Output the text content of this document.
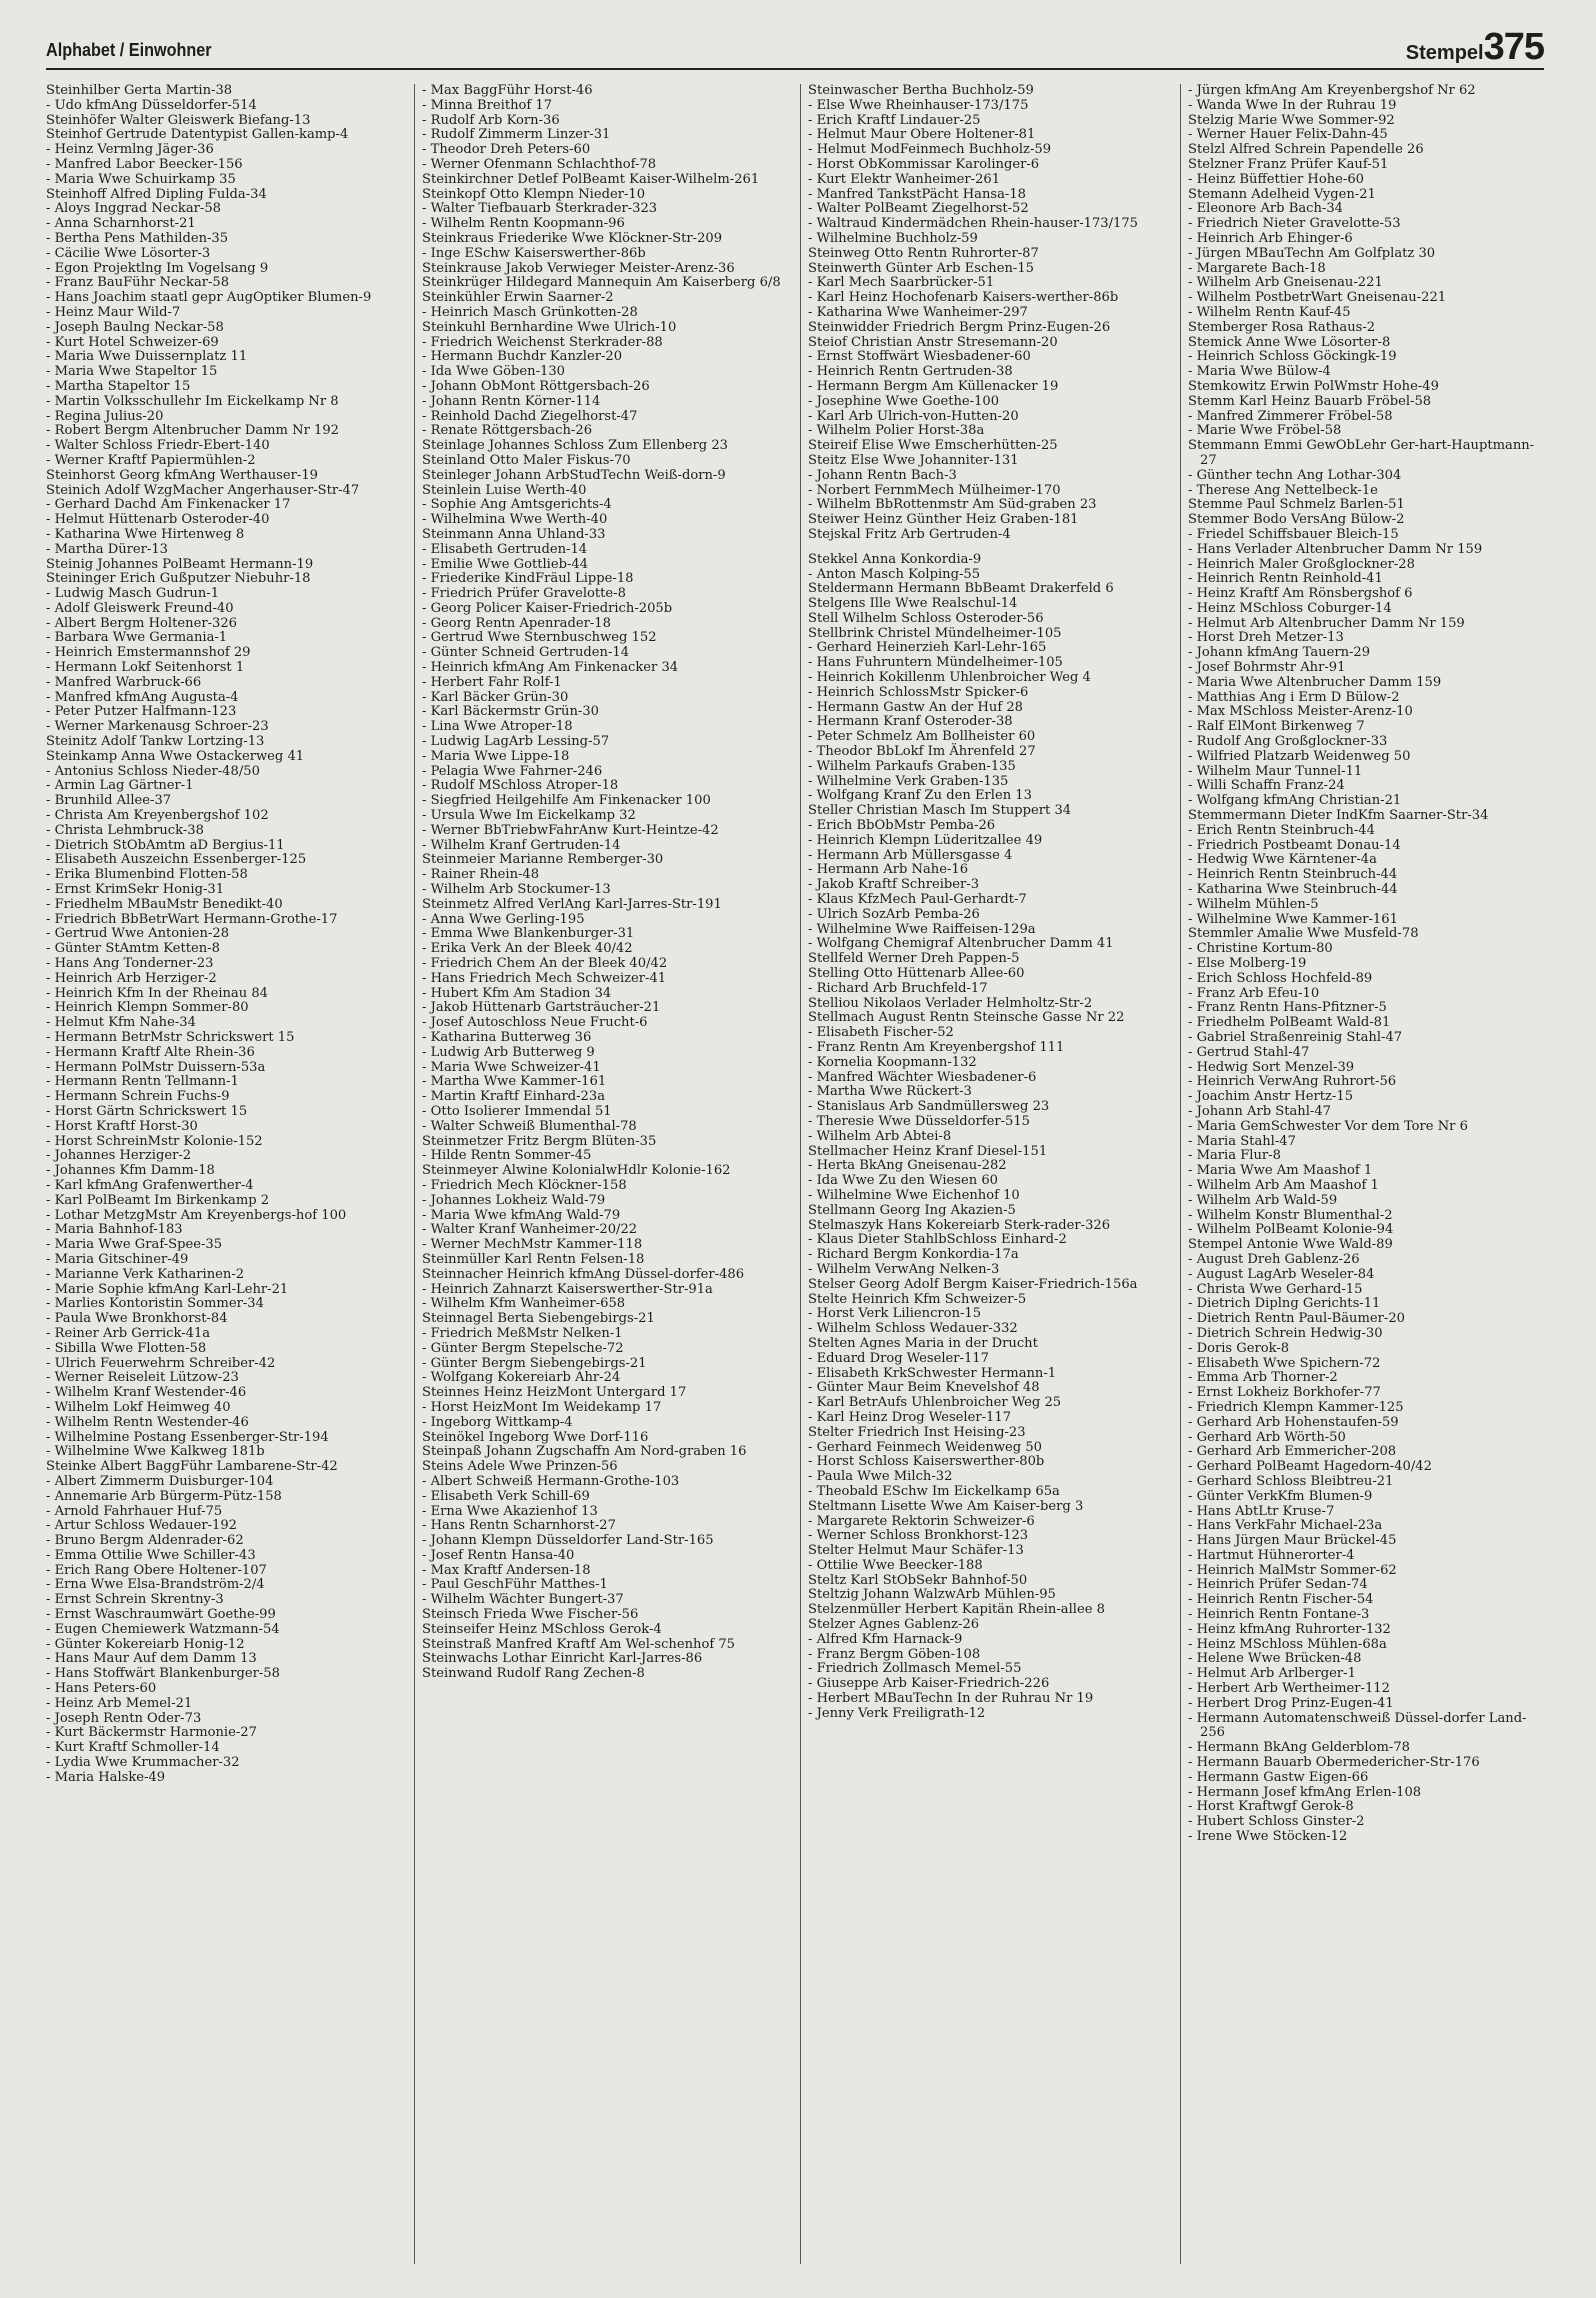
Alphabet / Einwohner	Stempel375
Steinhilber Gerta Martin-38
- Udo kfmAng Düsseldorfer-514
Steinhöfer Walter Gleiswerk Biefang-13
Steinhof Gertrude Datentypist Gallen-kamp-4
- Heinz Vermlng Jäger-36
- Manfred Labor Beecker-156
- Maria Wwe Schuirkamp 35
Steinhoff Alfred Dipling Fulda-34
- Aloys Inggrad Neckar-58
- Anna Scharnhorst-21
- Bertha Pens Mathilden-35
- Cäcilie Wwe Lösorter-3
- Egon Projektlng Im Vogelsang 9
- Franz BauFühr Neckar-58
- Hans Joachim staatl gepr AugOptiker Blumen-9
- Heinz Maur Wild-7
- Joseph Baulng Neckar-58
- Kurt Hotel Schweizer-69
- Maria Wwe Duissernplatz 11
- Maria Wwe Stapeltor 15
- Martha Stapeltor 15
- Martin Volksschullehr Im Eickelkamp Nr 8
- Regina Julius-20
- Robert Bergm Altenbrucher Damm Nr 192
- Walter Schloss Friedr-Ebert-140
- Werner Kraftf Papiermühlen-2
Steinhorst Georg kfmAng Werthauser-19
Steinich Adolf WzgMacher Angerhauser-Str-47
- Gerhard Dachd Am Finkenacker 17
- Helmut Hüttenarb Osteroder-40
- Katharina Wwe Hirtenweg 8
- Martha Dürer-13
Steinig Johannes PolBeamt Hermann-19
Steininger Erich Gußputzer Niebuhr-18
- Ludwig Masch Gudrun-1
- Adolf Gleiswerk Freund-40
- Albert Bergm Holtener-326
- Barbara Wwe Germania-1
- Heinrich Emstermannshof 29
- Hermann Lokf Seitenhorst 1
- Manfred Warbruck-66
- Manfred kfmAng Augusta-4
- Peter Putzer Halfmann-123
- Werner Markenausg Schroer-23
Steinitz Adolf Tankw Lortzing-13
Steinkamp Anna Wwe Ostackerweg 41
- Antonius Schloss Nieder-48/50
- Armin Lag Gärtner-1
- Brunhild Allee-37
- Christa Am Kreyenbergshof 102
- Christa Lehmbruck-38
- Dietrich StObAmtm aD Bergius-11
- Elisabeth Auszeichn Essenberger-125
- Erika Blumenbind Flotten-58
- Ernst KrimSekr Honig-31
- Friedhelm MBauMstr Benedikt-40
- Friedrich BbBetrWart Hermann-Grothe-17
- Gertrud Wwe Antonien-28
- Günter StAmtm Ketten-8
- Hans Ang Tonderner-23
- Heinrich Arb Herziger-2
- Heinrich Kfm In der Rheinau 84
- Heinrich Klempn Sommer-80
- Helmut Kfm Nahe-34
- Hermann BetrMstr Schrickswert 15
- Hermann Kraftf Alte Rhein-36
- Hermann PolMstr Duissern-53a
- Hermann Rentn Tellmann-1
- Hermann Schrein Fuchs-9
- Horst Gärtn Schrickswert 15
- Horst Kraftf Horst-30
- Horst SchreinMstr Kolonie-152
- Johannes Herziger-2
- Johannes Kfm Damm-18
- Karl kfmAng Grafenwerther-4
- Karl PolBeamt Im Birkenkamp 2
- Lothar MetzgMstr Am Kreyenbergs-hof 100
- Maria Bahnhof-183
- Maria Wwe Graf-Spee-35
- Maria Gitschiner-49
- Marianne Verk Katharinen-2
- Marie Sophie kfmAng Karl-Lehr-21
- Marlies Kontoristin Sommer-34
- Paula Wwe Bronkhorst-84
- Reiner Arb Gerrick-41a
- Sibilla Wwe Flotten-58
- Ulrich Feuerwehrm Schreiber-42
- Werner Reiseleit Lützow-23
- Wilhelm Kranf Westender-46
- Wilhelm Lokf Heimweg 40
- Wilhelm Rentn Westender-46
- Wilhelmine Postang Essenberger-Str-194
- Wilhelmine Wwe Kalkweg 181b
Steinke Albert BaggFühr Lambarene-Str-42
- Albert Zimmerm Duisburger-104
- Annemarie Arb Bürgerm-Pütz-158
- Arnold Fahrhauer Huf-75
- Artur Schloss Wedauer-192
- Bruno Bergm Aldenrader-62
- Emma Ottilie Wwe Schiller-43
- Erich Rang Obere Holtener-107
- Erna Wwe Elsa-Brandström-2/4
- Ernst Schrein Skrentny-3
- Ernst Waschraumwärt Goethe-99
- Eugen Chemiewerk Watzmann-54
- Günter Kokereiarb Honig-12
- Hans Maur Auf dem Damm 13
- Hans Stoffwärt Blankenburger-58
- Hans Peters-60
- Heinz Arb Memel-21
- Joseph Rentn Oder-73
- Kurt Bäckermstr Harmonie-27
- Kurt Kraftf Schmoller-14
- Lydia Wwe Krummacher-32
- Maria Halske-49
- Max BaggFühr Horst-46
- Minna Breithof 17
- Rudolf Arb Korn-36
- Rudolf Zimmerm Linzer-31
- Theodor Dreh Peters-60
- Werner Ofenmann Schlachthof-78
Steinkirchner Detlef PolBeamt Kaiser-Wilhelm-261
Steinkopf Otto Klempn Nieder-10
- Walter Tiefbauarb Sterkrader-323
- Wilhelm Rentn Koopmann-96
Steinkraus Friederike Wwe Klöckner-Str-209
- Inge ESchw Kaiserswerther-86b
Steinkrause Jakob Verwieger Meister-Arenz-36
Steinkrüger Hildegard Mannequin Am Kaiserberg 6/8
Steinkühler Erwin Saarner-2
- Heinrich Masch Grünkotten-28
Steinkuhl Bernhardine Wwe Ulrich-10
- Friedrich Weichenst Sterkrader-88
- Hermann Buchdr Kanzler-20
- Ida Wwe Göben-130
- Johann ObMont Röttgersbach-26
- Johann Rentn Körner-114
- Reinhold Dachd Ziegelhorst-47
- Renate Röttgersbach-26
Steinlage Johannes Schloss Zum Ellenberg 23
Steinland Otto Maler Fiskus-70
Steinleger Johann ArbStudTechn Weiß-dorn-9
Steinlein Luise Werth-40
- Sophie Ang Amtsgerichts-4
- Wilhelmina Wwe Werth-40
Steinmann Anna Uhland-33
- Elisabeth Gertruden-14
- Emilie Wwe Gottlieb-44
- Friederike KindFräul Lippe-18
- Friedrich Prüfer Gravelotte-8
- Georg Policer Kaiser-Friedrich-205b
- Georg Rentn Apenrader-18
- Gertrud Wwe Sternbuschweg 152
- Günter Schneid Gertruden-14
- Heinrich kfmAng Am Finkenacker 34
- Herbert Fahr Rolf-1
- Karl Bäcker Grün-30
- Karl Bäckermstr Grün-30
- Lina Wwe Atroper-18
- Ludwig LagArb Lessing-57
- Maria Wwe Lippe-18
- Pelagia Wwe Fahrner-246
- Rudolf MSchloss Atroper-18
- Siegfried Heilgehilfe Am Finkenacker 100
- Ursula Wwe Im Eickelkamp 32
- Werner BbTriebwFahrAnw Kurt-Heintze-42
- Wilhelm Kranf Gertruden-14
Steinmeier Marianne Remberger-30
- Rainer Rhein-48
- Wilhelm Arb Stockumer-13
Steinmetz Alfred VerlAng Karl-Jarres-Str-191
- Anna Wwe Gerling-195
- Emma Wwe Blankenburger-31
- Erika Verk An der Bleek 40/42
- Friedrich Chem An der Bleek 40/42
- Hans Friedrich Mech Schweizer-41
- Hubert Kfm Am Stadion 34
- Jakob Hüttenarb Gartsträucher-21
- Josef Autoschloss Neue Frucht-6
- Katharina Butterweg 36
- Ludwig Arb Butterweg 9
- Maria Wwe Schweizer-41
- Martha Wwe Kammer-161
- Martin Kraftf Einhard-23a
- Otto Isolierer Immendal 51
- Walter Schweiß Blumenthal-78
Steinmetzer Fritz Bergm Blüten-35
- Hilde Rentn Sommer-45
Steinmeyer Alwine KolonialwHdlr Kolonie-162
- Friedrich Mech Klöckner-158
- Johannes Lokheiz Wald-79
- Maria Wwe kfmAng Wald-79
- Walter Kranf Wanheimer-20/22
- Werner MechMstr Kammer-118
Steinmüller Karl Rentn Felsen-18
Steinnacher Heinrich kfmAng Düssel-dorfer-486
- Heinrich Zahnarzt Kaiserswerther-Str-91a
- Wilhelm Kfm Wanheimer-658
Steinnagel Berta Siebengebirgs-21
- Friedrich MeßMstr Nelken-1
- Günter Bergm Stepelsche-72
- Günter Bergm Siebengebirgs-21
- Wolfgang Kokereiarb Ahr-24
Steinnes Heinz HeizMont Untergard 17
- Horst HeizMont Im Weidekamp 17
- Ingeborg Wittkamp-4
Steinökel Ingeborg Wwe Dorf-116
Steinpaß Johann Zugschaffn Am Nord-graben 16
Steins Adele Wwe Prinzen-56
- Albert Schweiß Hermann-Grothe-103
- Elisabeth Verk Schill-69
- Erna Wwe Akazienhof 13
- Hans Rentn Scharnhorst-27
- Johann Klempn Düsseldorfer Land-Str-165
- Josef Rentn Hansa-40
- Max Kraftf Andersen-18
- Paul GeschFühr Matthes-1
- Wilhelm Wächter Bungert-37
Steinsch Frieda Wwe Fischer-56
Steinseifer Heinz MSchloss Gerok-4
Steinstraß Manfred Kraftf Am Wel-schenhof 75
Steinwachs Lothar Einricht Karl-Jarres-86
Steinwand Rudolf Rang Zechen-8
Steinwascher Bertha Buchholz-59
- Else Wwe Rheinhauser-173/175
- Erich Kraftf Lindauer-25
- Helmut Maur Obere Holtener-81
- Helmut ModFeinmech Buchholz-59
- Horst ObKommissar Karolinger-6
- Kurt Elektr Wanheimer-261
- Manfred TankstPächt Hansa-18
- Walter PolBeamt Ziegelhorst-52
- Waltraud Kindermädchen Rhein-hauser-173/175
- Wilhelmine Buchholz-59
Steinweg Otto Rentn Ruhrorter-87
Steinwerth Günter Arb Eschen-15
- Karl Mech Saarbrücker-51
- Karl Heinz Hochofenarb Kaisers-werther-86b
- Katharina Wwe Wanheimer-297
Steinwidder Friedrich Bergm Prinz-Eugen-26
Steiof Christian Anstr Stresemann-20
- Ernst Stoffwärt Wiesbadener-60
- Heinrich Rentn Gertruden-38
- Hermann Bergm Am Küllenacker 19
- Josephine Wwe Goethe-100
- Karl Arb Ulrich-von-Hutten-20
- Wilhelm Polier Horst-38a
Steireif Elise Wwe Emscherhütten-25
Steitz Else Wwe Johanniter-131
- Johann Rentn Bach-3
- Norbert FernmMech Mülheimer-170
- Wilhelm BbRottenmstr Am Süd-graben 23
Steiwer Heinz Günther Heiz Graben-181
Stejskal Fritz Arb Gertruden-4
Stekkel Anna Konkordia-9
- Anton Masch Kolping-55
Steldermann Hermann BbBeamt Drakerfeld 6
Stelgens Ille Wwe Realschul-14
Stell Wilhelm Schloss Osteroder-56
Stellbrink Christel Mündelheimer-105
- Gerhard Heinerzieh Karl-Lehr-165
- Hans Fuhruntern Mündelheimer-105
- Heinrich Kokillenm Uhlenbroicher Weg 4
- Heinrich SchlossMstr Spicker-6
- Hermann Gastw An der Huf 28
- Hermann Kranf Osteroder-38
- Peter Schmelz Am Bollheister 60
- Theodor BbLokf Im Ährenfeld 27
- Wilhelm Parkaufs Graben-135
- Wilhelmine Verk Graben-135
- Wolfgang Kranf Zu den Erlen 13
Steller Christian Masch Im Stuppert 34
- Erich BbObMstr Pemba-26
- Heinrich Klempn Lüderitzallee 49
- Hermann Arb Müllersgasse 4
- Hermann Arb Nahe-16
- Jakob Kraftf Schreiber-3
- Klaus KfzMech Paul-Gerhardt-7
- Ulrich SozArb Pemba-26
- Wilhelmine Wwe Raiffeisen-129a
- Wolfgang Chemigraf Altenbrucher Damm 41
Stellfeld Werner Dreh Pappen-5
Stelling Otto Hüttenarb Allee-60
- Richard Arb Bruchfeld-17
Stelliou Nikolaos Verlader Helmholtz-Str-2
Stellmach August Rentn Steinsche Gasse Nr 22
- Elisabeth Fischer-52
- Franz Rentn Am Kreyenbergshof 111
- Kornelia Koopmann-132
- Manfred Wächter Wiesbadener-6
- Martha Wwe Rückert-3
- Stanislaus Arb Sandmüllersweg 23
- Theresie Wwe Düsseldorfer-515
- Wilhelm Arb Abtei-8
Stellmacher Heinz Kranf Diesel-151
- Herta BkAng Gneisenau-282
- Ida Wwe Zu den Wiesen 60
- Wilhelmine Wwe Eichenhof 10
Stellmann Georg Ing Akazien-5
Stelmaszyk Hans Kokereiarb Sterk-rader-326
- Klaus Dieter StahlbSchloss Einhard-2
- Richard Bergm Konkordia-17a
- Wilhelm VerwAng Nelken-3
Stelser Georg Adolf Bergm Kaiser-Friedrich-156a
Stelte Heinrich Kfm Schweizer-5
- Horst Verk Liliencron-15
- Wilhelm Schloss Wedauer-332
Stelten Agnes Maria in der Drucht
- Eduard Drog Weseler-117
- Elisabeth KrkSchwester Hermann-1
- Günter Maur Beim Knevelshof 48
- Karl BetrAufs Uhlenbroicher Weg 25
- Karl Heinz Drog Weseler-117
Stelter Friedrich Inst Heising-23
- Gerhard Feinmech Weidenweg 50
- Horst Schloss Kaiserswerther-80b
- Paula Wwe Milch-32
- Theobald ESchw Im Eickelkamp 65a
Steltmann Lisette Wwe Am Kaiser-berg 3
- Margarete Rektorin Schweizer-6
- Werner Schloss Bronkhorst-123
Stelter Helmut Maur Schäfer-13
- Ottilie Wwe Beecker-188
Steltz Karl StObSekr Bahnhof-50
Steltzig Johann WalzwArb Mühlen-95
Stelzenmüller Herbert Kapitän Rhein-allee 8
Stelzer Agnes Gablenz-26
- Alfred Kfm Harnack-9
- Franz Bergm Göben-108
- Friedrich Zollmasch Memel-55
- Giuseppe Arb Kaiser-Friedrich-226
- Herbert MBauTechn In der Ruhrau Nr 19
- Jenny Verk Freiligrath-12
- Jürgen kfmAng Am Kreyenbergshof Nr 62
- Wanda Wwe In der Ruhrau 19
Stelzig Marie Wwe Sommer-92
- Werner Hauer Felix-Dahn-45
Stelzl Alfred Schrein Papendelle 26
Stelzner Franz Prüfer Kauf-51
- Heinz Büffettier Hohe-60
Stemann Adelheid Vygen-21
- Eleonore Arb Bach-34
- Friedrich Nieter Gravelotte-53
- Heinrich Arb Ehinger-6
- Jürgen MBauTechn Am Golfplatz 30
- Margarete Bach-18
- Wilhelm Arb Gneisenau-221
- Wilhelm PostbetrWart Gneisenau-221
- Wilhelm Rentn Kauf-45
Stemberger Rosa Rathaus-2
Stemick Anne Wwe Lösorter-8
- Heinrich Schloss Göckingk-19
- Maria Wwe Bülow-4
Stemkowitz Erwin PolWmstr Hohe-49
Stemm Karl Heinz Bauarb Fröbel-58
- Manfred Zimmerer Fröbel-58
- Marie Wwe Fröbel-58
Stemmann Emmi GewObLehr Ger-hart-Hauptmann-27
- Günther techn Ang Lothar-304
- Therese Ang Nettelbeck-1e
Stemme Paul Schmelz Barlen-51
Stemmer Bodo VersAng Bülow-2
- Friedel Schiffsbauer Bleich-15
- Hans Verlader Altenbrucher Damm Nr 159
- Heinrich Maler Großglockner-28
- Heinrich Rentn Reinhold-41
- Heinz Kraftf Am Rönsbergshof 6
- Heinz MSchloss Coburger-14
- Helmut Arb Altenbrucher Damm Nr 159
- Horst Dreh Metzer-13
- Johann kfmAng Tauern-29
- Josef Bohrmstr Ahr-91
- Maria Wwe Altenbrucher Damm 159
- Matthias Ang i Erm D Bülow-2
- Max MSchloss Meister-Arenz-10
- Ralf ElMont Birkenweg 7
- Rudolf Ang Großglockner-33
- Wilfried Platzarb Weidenweg 50
- Wilhelm Maur Tunnel-11
- Willi Schaffn Franz-24
- Wolfgang kfmAng Christian-21
Stemmermann Dieter IndKfm Saarner-Str-34
- Erich Rentn Steinbruch-44
- Friedrich Postbeamt Donau-14
- Hedwig Wwe Kärntener-4a
- Heinrich Rentn Steinbruch-44
- Katharina Wwe Steinbruch-44
- Wilhelm Mühlen-5
- Wilhelmine Wwe Kammer-161
Stemmler Amalie Wwe Musfeld-78
- Christine Kortum-80
- Else Molberg-19
- Erich Schloss Hochfeld-89
- Franz Arb Efeu-10
- Franz Rentn Hans-Pfitzner-5
- Friedhelm PolBeamt Wald-81
- Gabriel Straßenreinig Stahl-47
- Gertrud Stahl-47
- Hedwig Sort Menzel-39
- Heinrich VerwAng Ruhrort-56
- Joachim Anstr Hertz-15
- Johann Arb Stahl-47
- Maria GemSchwester Vor dem Tore Nr 6
- Maria Stahl-47
- Maria Flur-8
- Maria Wwe Am Maashof 1
- Wilhelm Arb Am Maashof 1
- Wilhelm Arb Wald-59
- Wilhelm Konstr Blumenthal-2
- Wilhelm PolBeamt Kolonie-94
Stempel Antonie Wwe Wald-89
- August Dreh Gablenz-26
- August LagArb Weseler-84
- Christa Wwe Gerhard-15
- Dietrich Diplng Gerichts-11
- Dietrich Rentn Paul-Bäumer-20
- Dietrich Schrein Hedwig-30
- Doris Gerok-8
- Elisabeth Wwe Spichern-72
- Emma Arb Thorner-2
- Ernst Lokheiz Borkhofer-77
- Friedrich Klempn Kammer-125
- Gerhard Arb Hohenstaufen-59
- Gerhard Arb Wörth-50
- Gerhard Arb Emmericher-208
- Gerhard PolBeamt Hagedorn-40/42
- Gerhard Schloss Bleibtreu-21
- Günter VerkKfm Blumen-9
- Hans AbtLtr Kruse-7
- Hans VerkFahr Michael-23a
- Hans Jürgen Maur Brückel-45
- Hartmut Hühnerorter-4
- Heinrich MalMstr Sommer-62
- Heinrich Prüfer Sedan-74
- Heinrich Rentn Fischer-54
- Heinrich Rentn Fontane-3
- Heinz kfmAng Ruhrorter-132
- Heinz MSchloss Mühlen-68a
- Helene Wwe Brücken-48
- Helmut Arb Arlberger-1
- Herbert Arb Wertheimer-112
- Herbert Drog Prinz-Eugen-41
- Hermann Automatenschweiß Düssel-dorfer Land-256
- Hermann BkAng Gelderblom-78
- Hermann Bauarb Obermedericher-Str-176
- Hermann Gastw Eigen-66
- Hermann Josef kfmAng Erlen-108
- Horst Kraftwgf Gerok-8
- Hubert Schloss Ginster-2
- Irene Wwe Stöcken-12
